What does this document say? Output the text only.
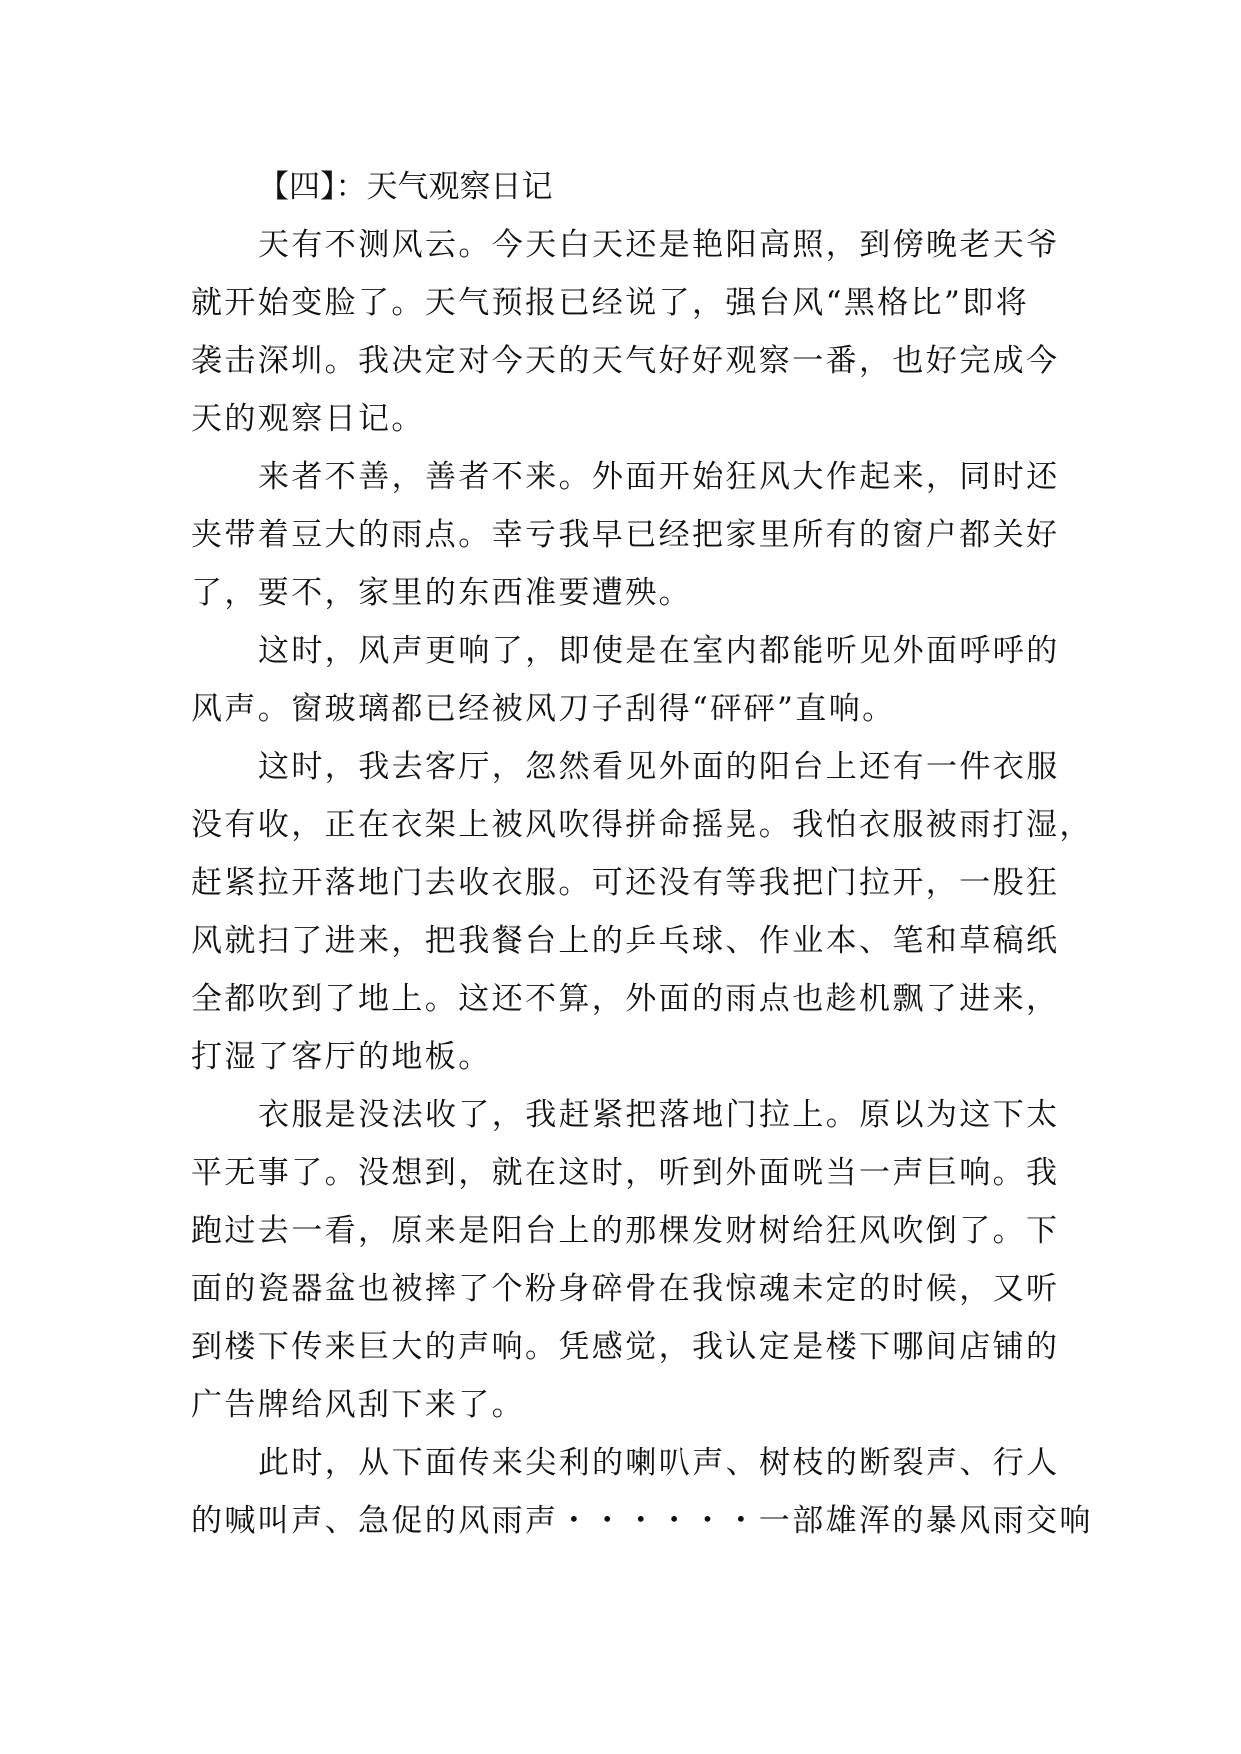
【四】：天气观察日记
天有不测风云。今天白天还是艳阳高照，到傍晚老天爷
就开始变脸了。天气预报已经说了，强台风“黑格比”即将
袭击深圳。我决定对今天的天气好好观察一番，也好完成今
天的观察日记。
来者不善，善者不来。外面开始狂风大作起来，同时还
夹带着豆大的雨点。幸亏我早已经把家里所有的窗户都关好
了，要不，家里的东西准要遭殃。
这时，风声更响了，即使是在室内都能听见外面呼呼的
风声。窗玻璃都已经被风刀子刮得“砰砰”直响。
这时，我去客厅，忽然看见外面的阳台上还有一件衣服
没有收，正在衣架上被风吹得拼命摇晃。我怕衣服被雨打湿，
赶紧拉开落地门去收衣服。可还没有等我把门拉开，一股狂
风就扫了进来，把我餐台上的乒乓球、作业本、笔和草稿纸
全都吹到了地上。这还不算，外面的雨点也趁机飘了进来，
打湿了客厅的地板。
衣服是没法收了，我赶紧把落地门拉上。原以为这下太
平无事了。没想到，就在这时，听到外面咣当一声巨响。我
跑过去一看，原来是阳台上的那棵发财树给狂风吹倒了。下
面的瓷器盆也被摔了个粉身碎骨在我惊魂未定的时候，又听
到楼下传来巨大的声响。凭感觉，我认定是楼下哪间店铺的
广告牌给风刮下来了。
此时，从下面传来尖利的喇叭声、树枝的断裂声、行人
的喊叫声、急促的风雨声・・・・・・一部雄浑的暴风雨交响
